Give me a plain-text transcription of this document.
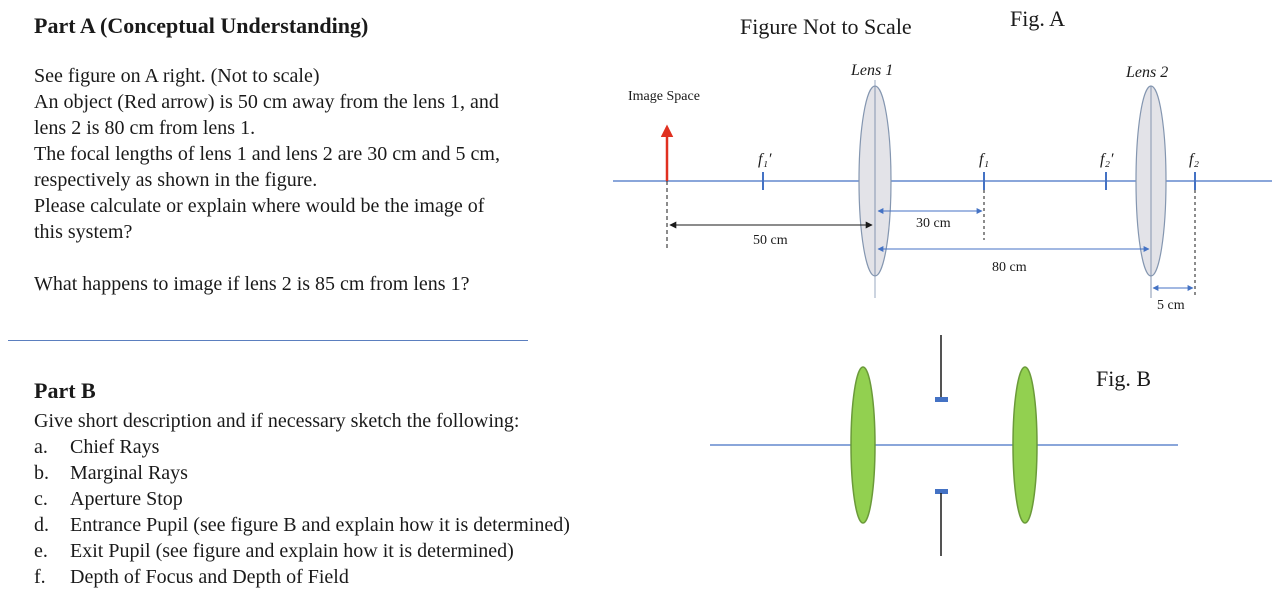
Part A (Conceptual Understanding)
See figure on A right. (Not to scale)
An object (Red arrow) is 50 cm away from the lens 1, and
lens 2 is 80 cm from lens 1.
The focal lengths of lens 1 and lens 2 are 30 cm and 5 cm,
respectively as shown in the figure.
Please calculate or explain where would be the image of
this system?
What happens to image if lens 2 is 85 cm from lens 1?
Part B
Give short description and if necessary sketch the following:
a. Chief Rays
b. Marginal Rays
c. Aperture Stop
d. Entrance Pupil (see figure B and explain how it is determined)
e. Exit Pupil (see figure and explain how it is determined)
f. Depth of Focus and Depth of Field
Figure Not to Scale	Fig. A
Image Space
Lens 1	Lens 2
f₁′	f₁	f₂′	f₂
50 cm
30 cm
80 cm
5 cm
Fig. B
